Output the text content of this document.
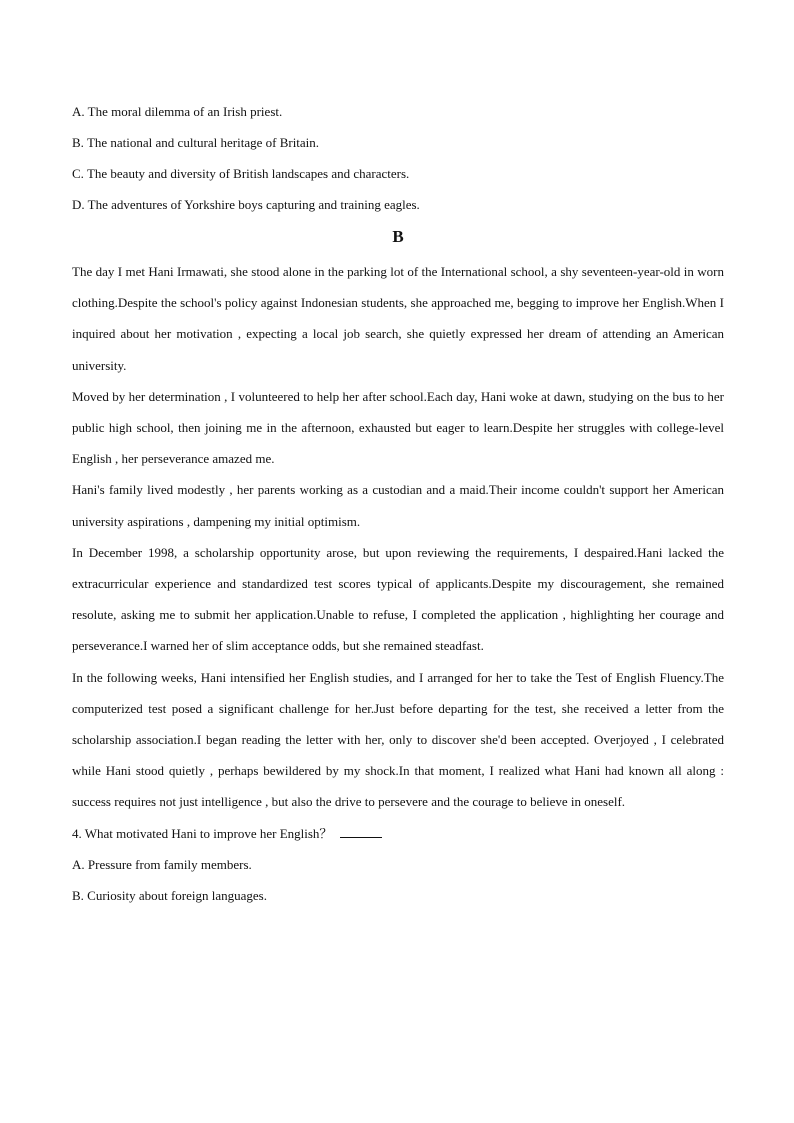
A. The moral dilemma of an Irish priest.
B. The national and cultural heritage of Britain.
C. The beauty and diversity of British landscapes and characters.
D. The adventures of Yorkshire boys capturing and training eagles.
B

The day I met Hani Irmawati, she stood alone in the parking lot of the International school, a shy seventeen-year-old in worn clothing.Despite the school's policy against Indonesian students, she approached me, begging to improve her English.When I inquired about her motivation , expecting a local job search, she quietly expressed her dream of attending an American university.

Moved by her determination , I volunteered to help her after school.Each day, Hani woke at dawn, studying on the bus to her public high school, then joining me in the afternoon, exhausted but eager to learn.Despite her struggles with college-level English , her perseverance amazed me.

Hani's family lived modestly , her parents working as a custodian and a maid.Their income couldn't support her American university aspirations , dampening my initial optimism.

In December 1998, a scholarship opportunity arose, but upon reviewing the requirements, I despaired.Hani lacked the extracurricular experience and standardized test scores typical of applicants.Despite my discouragement, she remained resolute, asking me to submit her application.Unable to refuse, I completed the application , highlighting her courage and perseverance.I warned her of slim acceptance odds, but she remained steadfast.

In the following weeks, Hani intensified her English studies, and I arranged for her to take the Test of English Fluency.The computerized test posed a significant challenge for her.Just before departing for the test, she received a letter from the scholarship association.I began reading the letter with her, only to discover she'd been accepted. Overjoyed , I celebrated while Hani stood quietly , perhaps bewildered by my shock.In that moment, I realized what Hani had known all along : success requires not just intelligence , but also the drive to persevere and the courage to believe in oneself.

4. What motivated Hani to improve her English？
A. Pressure from family members.
B. Curiosity about foreign languages.
